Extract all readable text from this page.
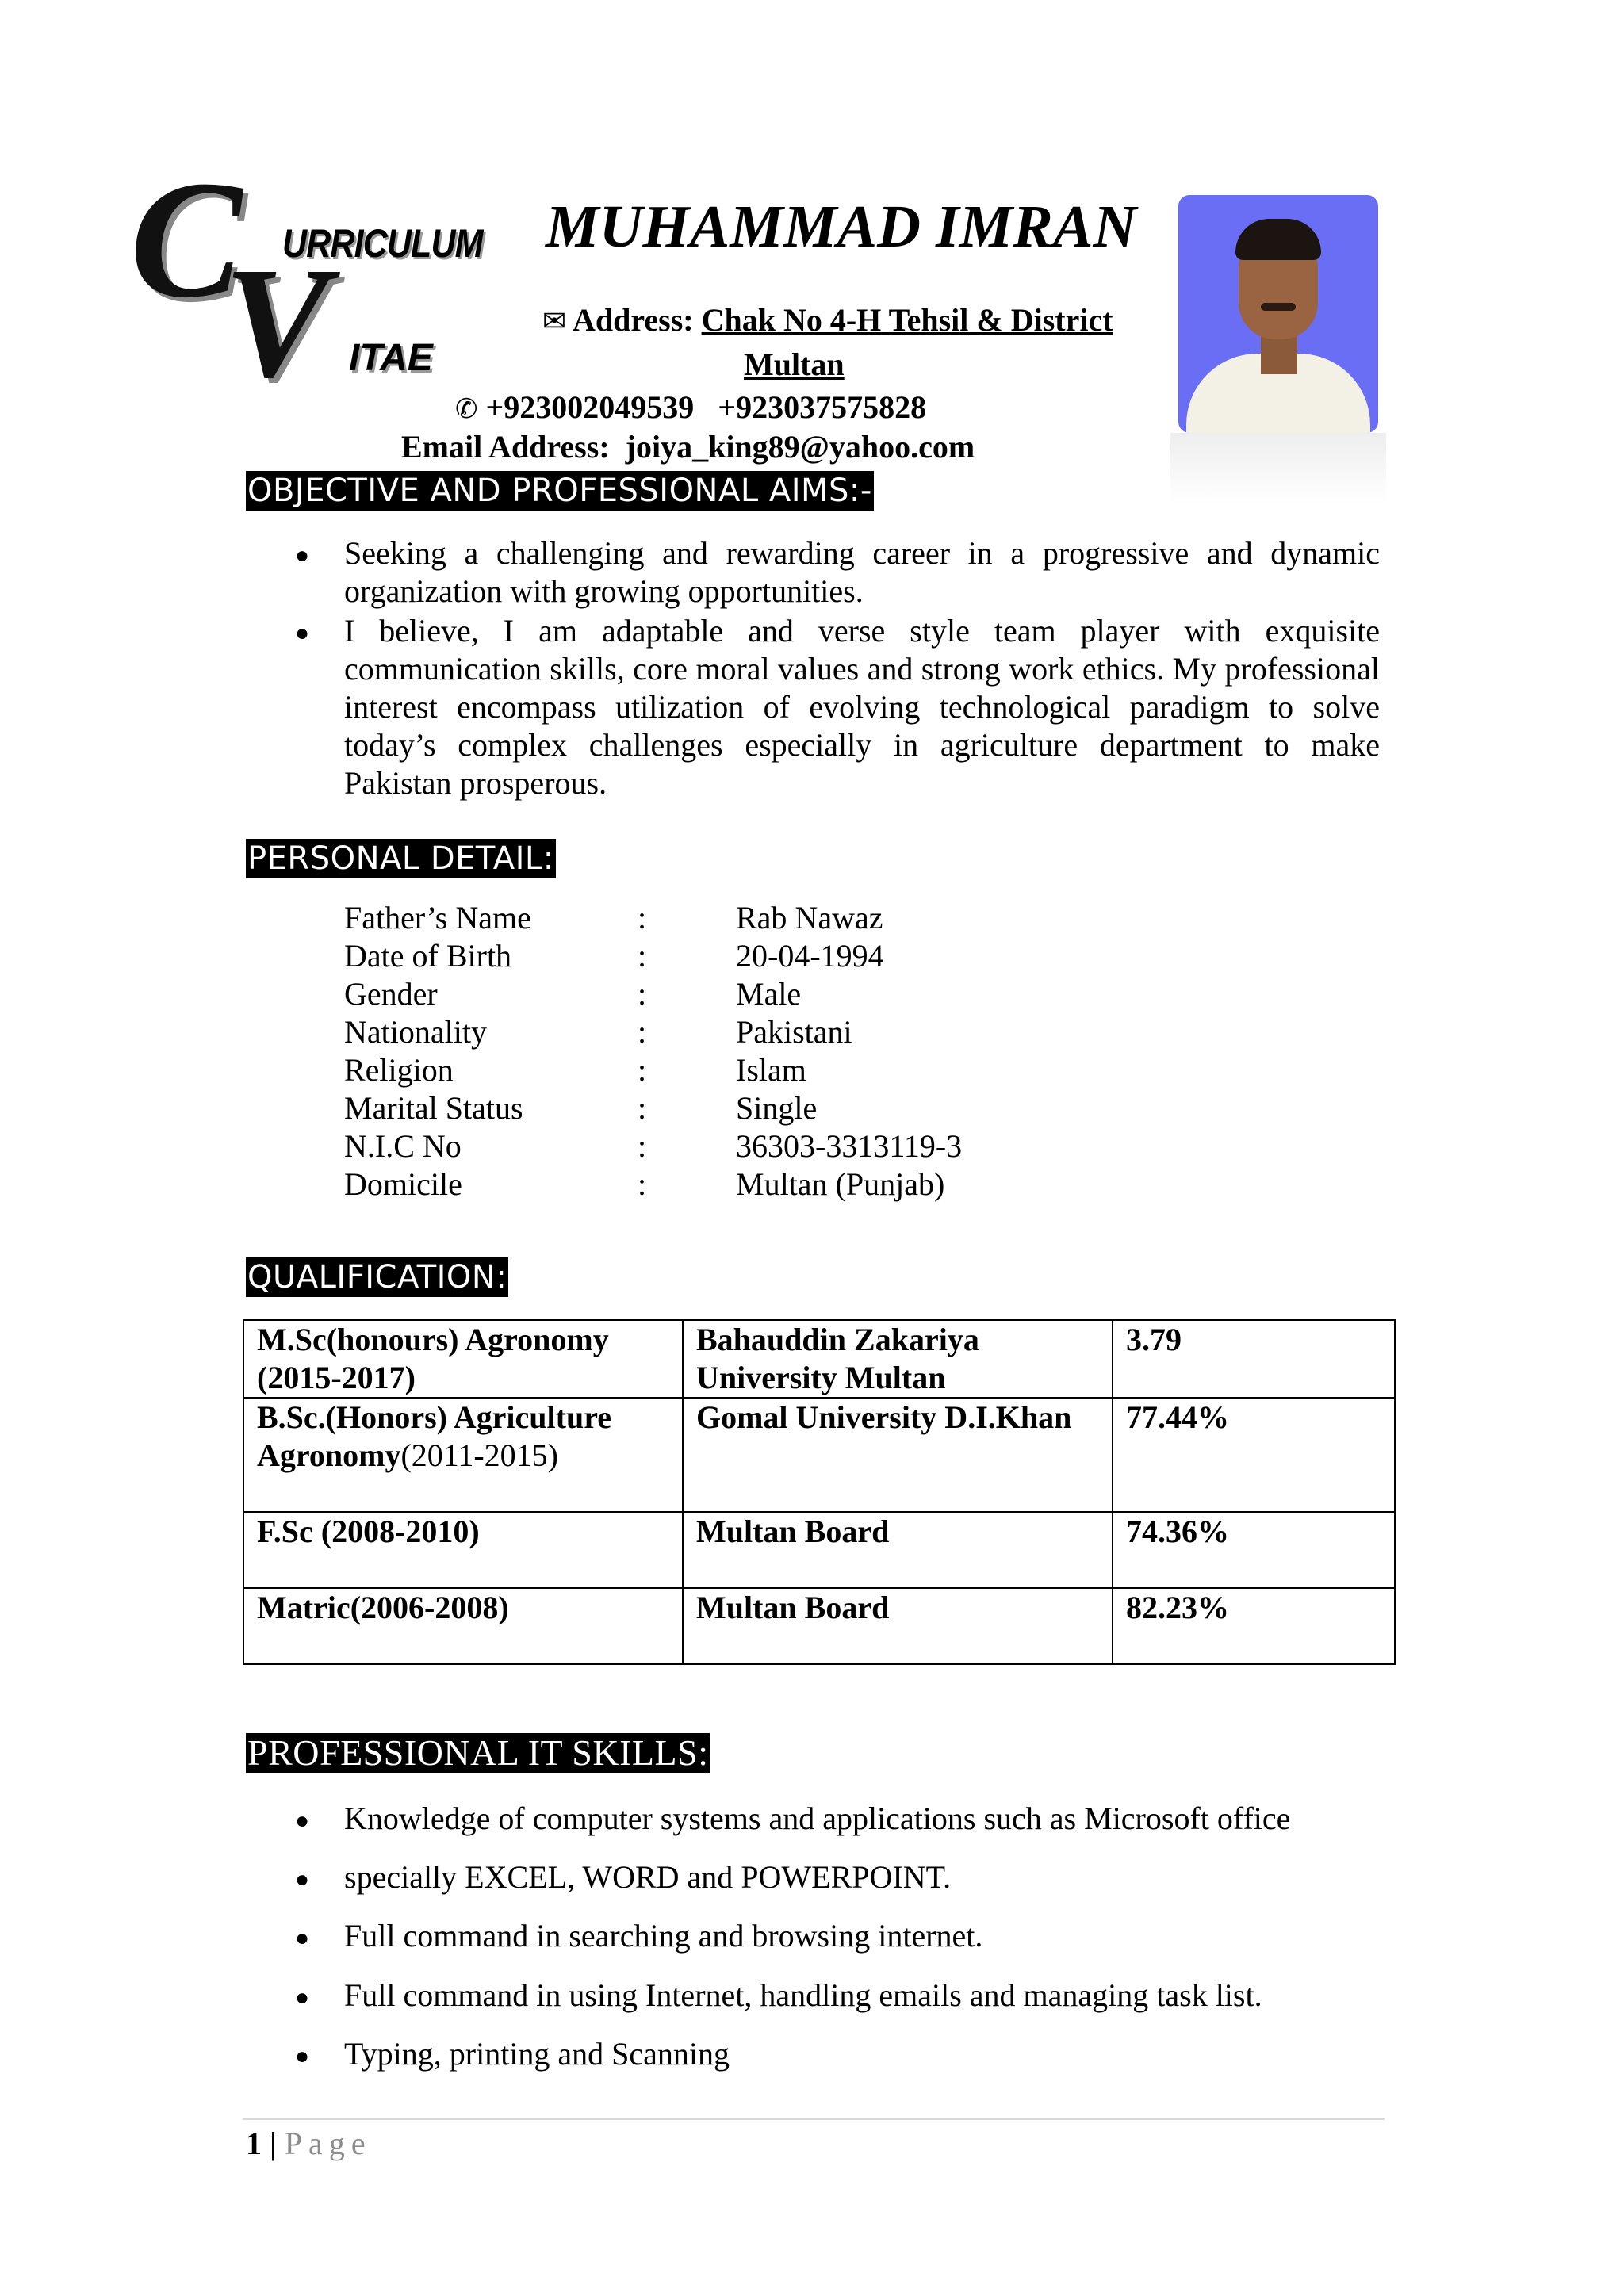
C URRICULUM
V ITAE
MUHAMMAD IMRAN
✉ Address: Chak No 4-H Tehsil & District
Multan
✆ +923002049539 +923037575828
Email Address: joiya_king89@yahoo.com
OBJECTIVE AND PROFESSIONAL AIMS:-
● Seeking a challenging and rewarding career in a progressive and dynamic organization with growing opportunities.
● I believe, I am adaptable and verse style team player with exquisite communication skills, core moral values and strong work ethics. My professional interest encompass utilization of evolving technological paradigm to solve today’s complex challenges especially in agriculture department to make Pakistan prosperous.
PERSONAL DETAIL:
Father’s Name	:	Rab Nawaz
Date of Birth	:	20-04-1994
Gender	:	Male
Nationality	:	Pakistani
Religion	:	Islam
Marital Status	:	Single
N.I.C No	:	36303-3313119-3
Domicile	:	Multan (Punjab)
QUALIFICATION:
M.Sc(honours) Agronomy (2015-2017)	Bahauddin Zakariya University Multan	3.79
B.Sc.(Honors) Agriculture Agronomy(2011-2015)	Gomal University D.I.Khan	77.44%
F.Sc (2008-2010)	Multan Board	74.36%
Matric(2006-2008)	Multan Board	82.23%
PROFESSIONAL IT SKILLS:
● Knowledge of computer systems and applications such as Microsoft office
● specially EXCEL, WORD and POWERPOINT.
● Full command in searching and browsing internet.
● Full command in using Internet, handling emails and managing task list.
● Typing, printing and Scanning
1 | Page
